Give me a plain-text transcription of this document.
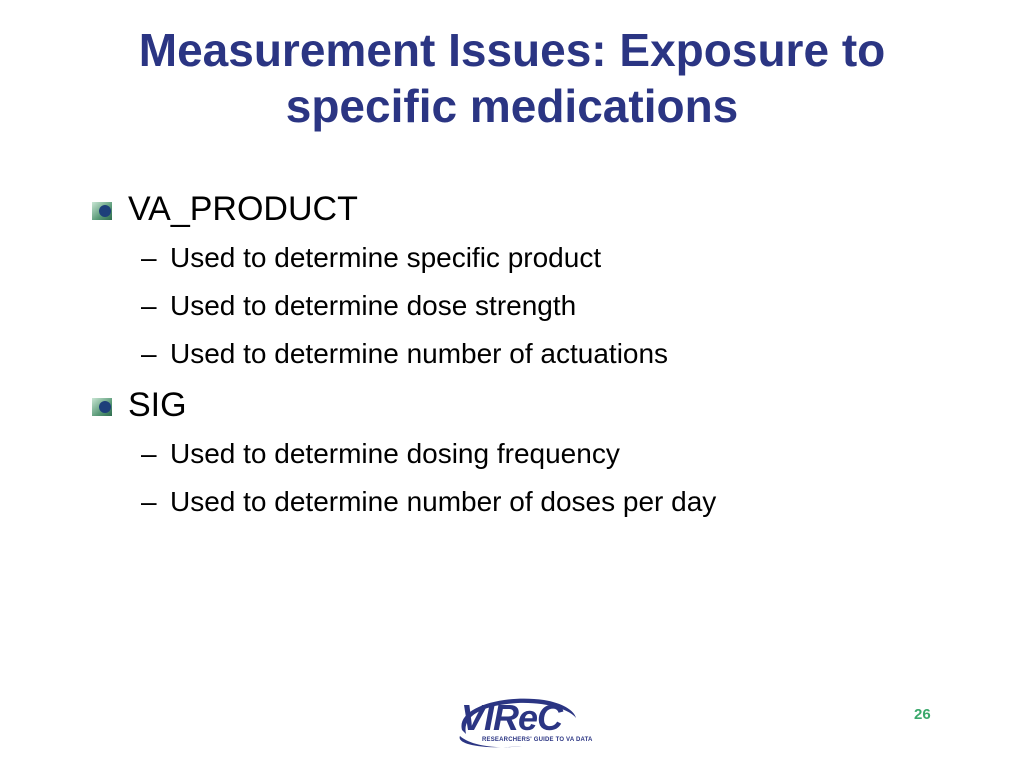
Measurement Issues: Exposure to
specific medications
VA_PRODUCT
– Used to determine specific product
– Used to determine dose strength
– Used to determine number of actuations
SIG
– Used to determine dosing frequency
– Used to determine number of doses per day
VIReC
RESEARCHERS' GUIDE TO VA DATA
26
